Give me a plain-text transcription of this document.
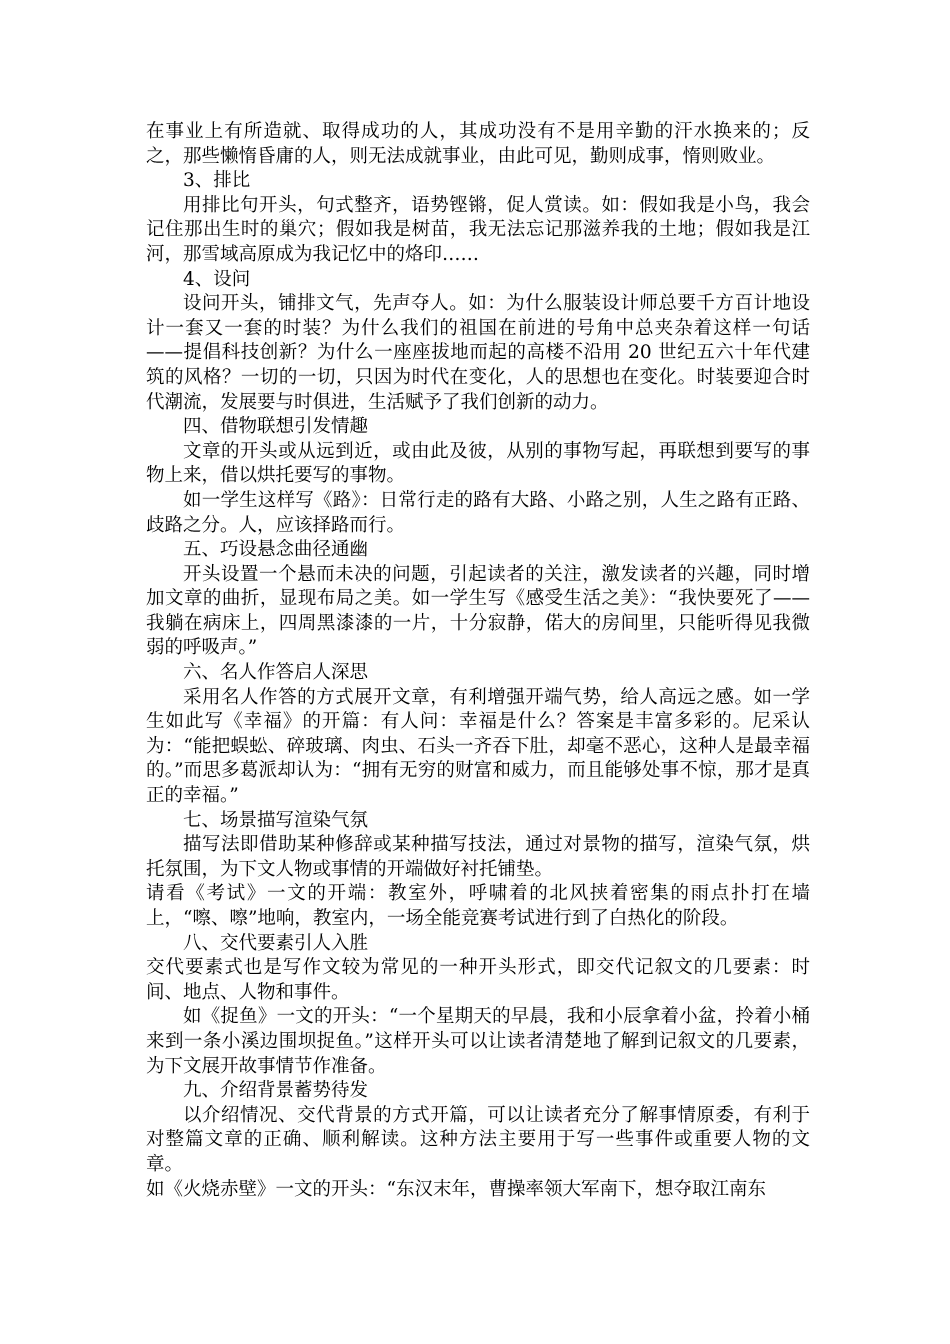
在事业上有所造就、取得成功的人，其成功没有不是用辛勤的汗水换来的；反之，那些懒惰昏庸的人，则无法成就事业，由此可见，勤则成事，惰则败业。

3、排比

用排比句开头，句式整齐，语势铿锵，促人赏读。如：假如我是小鸟，我会记住那出生时的巢穴；假如我是树苗，我无法忘记那滋养我的土地；假如我是江河，那雪域高原成为我记忆中的烙印……

4、设问

设问开头，铺排文气，先声夺人。如：为什么服装设计师总要千方百计地设计一套又一套的时装？为什么我们的祖国在前进的号角中总夹杂着这样一句话——提倡科技创新？为什么一座座拔地而起的高楼不沿用 20 世纪五六十年代建筑的风格？一切的一切，只因为时代在变化，人的思想也在变化。时装要迎合时代潮流，发展要与时俱进，生活赋予了我们创新的动力。

四、借物联想引发情趣

文章的开头或从远到近，或由此及彼，从别的事物写起，再联想到要写的事物上来，借以烘托要写的事物。

如一学生这样写《路》：日常行走的路有大路、小路之别，人生之路有正路、歧路之分。人，应该择路而行。

五、巧设悬念曲径通幽

开头设置一个悬而未决的问题，引起读者的关注，激发读者的兴趣，同时增加文章的曲折，显现布局之美。如一学生写《感受生活之美》：“我快要死了——我躺在病床上，四周黑漆漆的一片，十分寂静，偌大的房间里，只能听得见我微弱的呼吸声。”

六、名人作答启人深思

采用名人作答的方式展开文章，有利增强开端气势，给人高远之感。如一学生如此写《幸福》的开篇：有人问：幸福是什么？答案是丰富多彩的。尼采认为：“能把蜈蚣、碎玻璃、肉虫、石头一齐吞下肚，却毫不恶心，这种人是最幸福的。”而思多葛派却认为：“拥有无穷的财富和威力，而且能够处事不惊，那才是真正的幸福。”

七、场景描写渲染气氛

描写法即借助某种修辞或某种描写技法，通过对景物的描写，渲染气氛，烘托氛围，为下文人物或事情的开端做好衬托铺垫。

请看《考试》一文的开端：教室外，呼啸着的北风挟着密集的雨点扑打在墙上，“嚓、嚓”地响，教室内，一场全能竞赛考试进行到了白热化的阶段。

八、交代要素引人入胜

交代要素式也是写作文较为常见的一种开头形式，即交代记叙文的几要素：时间、地点、人物和事件。

如《捉鱼》一文的开头：“一个星期天的早晨，我和小辰拿着小盆，拎着小桶来到一条小溪边围坝捉鱼。”这样开头可以让读者清楚地了解到记叙文的几要素，为下文展开故事情节作准备。

九、介绍背景蓄势待发

以介绍情况、交代背景的方式开篇，可以让读者充分了解事情原委，有利于对整篇文章的正确、顺利解读。这种方法主要用于写一些事件或重要人物的文章。

如《火烧赤壁》一文的开头：“东汉末年，曹操率领大军南下，想夺取江南东
